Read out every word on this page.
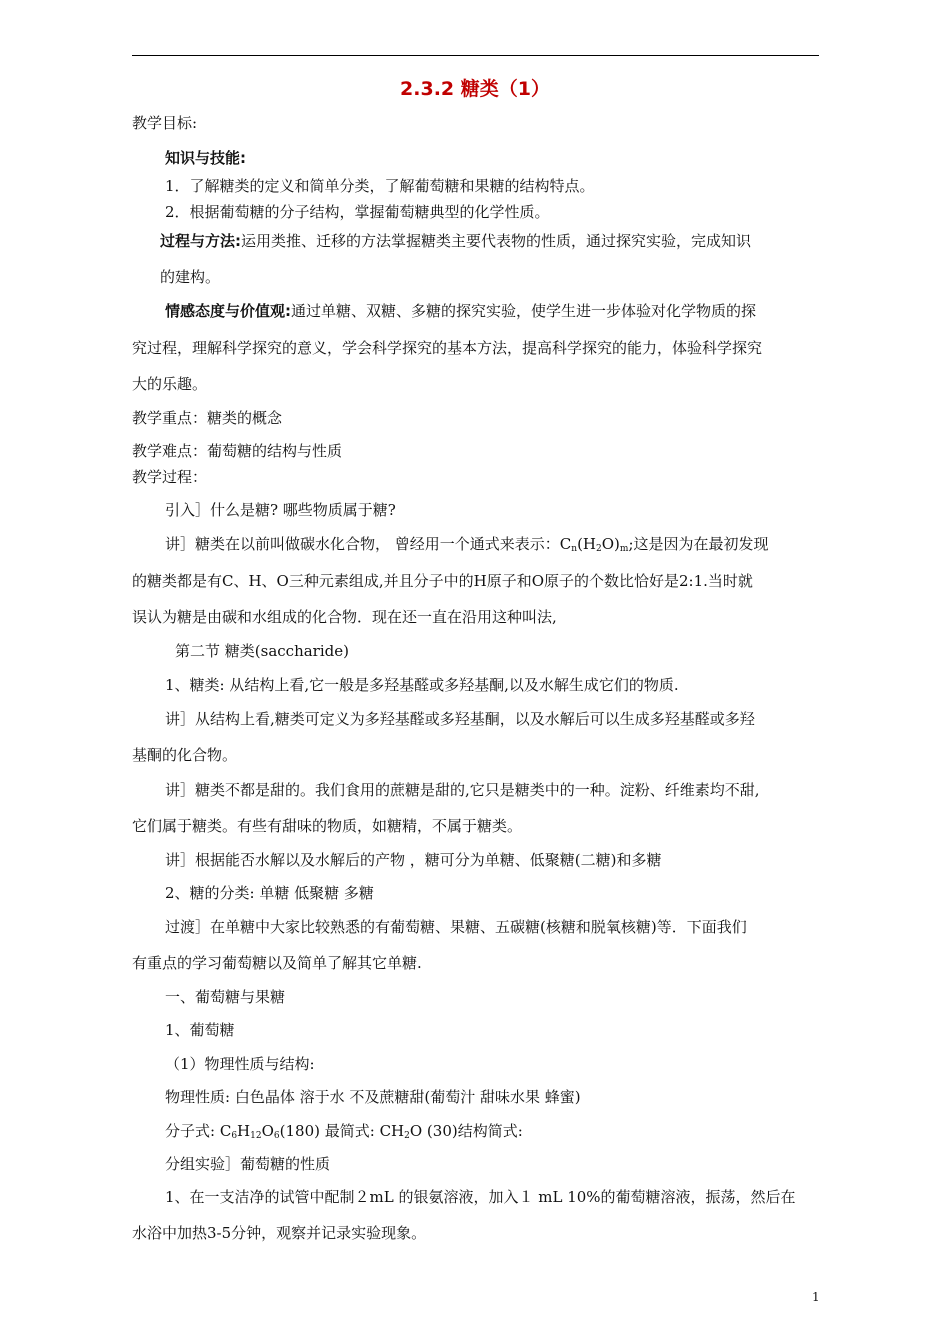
2.3.2 糖类（1）
教学目标:
知识与技能:
1．了解糖类的定义和简单分类，了解葡萄糖和果糖的结构特点。
2．根据葡萄糖的分子结构，掌握葡萄糖典型的化学性质。
过程与方法:运用类推、迁移的方法掌握糖类主要代表物的性质，通过探究实验，完成知识
的建构。
情感态度与价值观:通过单糖、双糖、多糖的探究实验，使学生进一步体验对化学物质的探
究过程，理解科学探究的意义，学会科学探究的基本方法，提高科学探究的能力，体验科学探究
大的乐趣。
教学重点：糖类的概念
教学难点：葡萄糖的结构与性质
教学过程：
引入］什么是糖? 哪些物质属于糖?
讲］糖类在以前叫做碳水化合物， 曾经用一个通式来表示：$C_n(H_2O)_m$;这是因为在最初发现
的糖类都是有C、H、O三种元素组成,并且分子中的H原子和O原子的个数比恰好是2:1.当时就
误认为糖是由碳和水组成的化合物．现在还一直在沿用这种叫法,
第二节 糖类(saccharide)
1、糖类: 从结构上看,它一般是多羟基醛或多羟基酮,以及水解生成它们的物质.
讲］从结构上看,糖类可定义为多羟基醛或多羟基酮，以及水解后可以生成多羟基醛或多羟
基酮的化合物。
讲］糖类不都是甜的。我们食用的蔗糖是甜的,它只是糖类中的一种。淀粉、纤维素均不甜,
它们属于糖类。有些有甜味的物质，如糖精，不属于糖类。
讲］根据能否水解以及水解后的产物 ，糖可分为单糖、低聚糖(二糖)和多糖
2、糖的分类: 单糖 低聚糖 多糖
过渡］在单糖中大家比较熟悉的有葡萄糖、果糖、五碳糖(核糖和脱氧核糖)等．下面我们
有重点的学习葡萄糖以及简单了解其它单糖.
一、葡萄糖与果糖
1、葡萄糖
（1）物理性质与结构:
物理性质: 白色晶体 溶于水 不及蔗糖甜(葡萄汁 甜味水果 蜂蜜)
分子式: $C_6H_{12}O_6(180)$ 最简式: $CH_2O$ (30)结构简式:
分组实验］葡萄糖的性质
1、在一支洁净的试管中配制２mL 的银氨溶液，加入１ mL 10%的葡萄糖溶液，振荡，然后在
水浴中加热3-5分钟，观察并记录实验现象。
1
